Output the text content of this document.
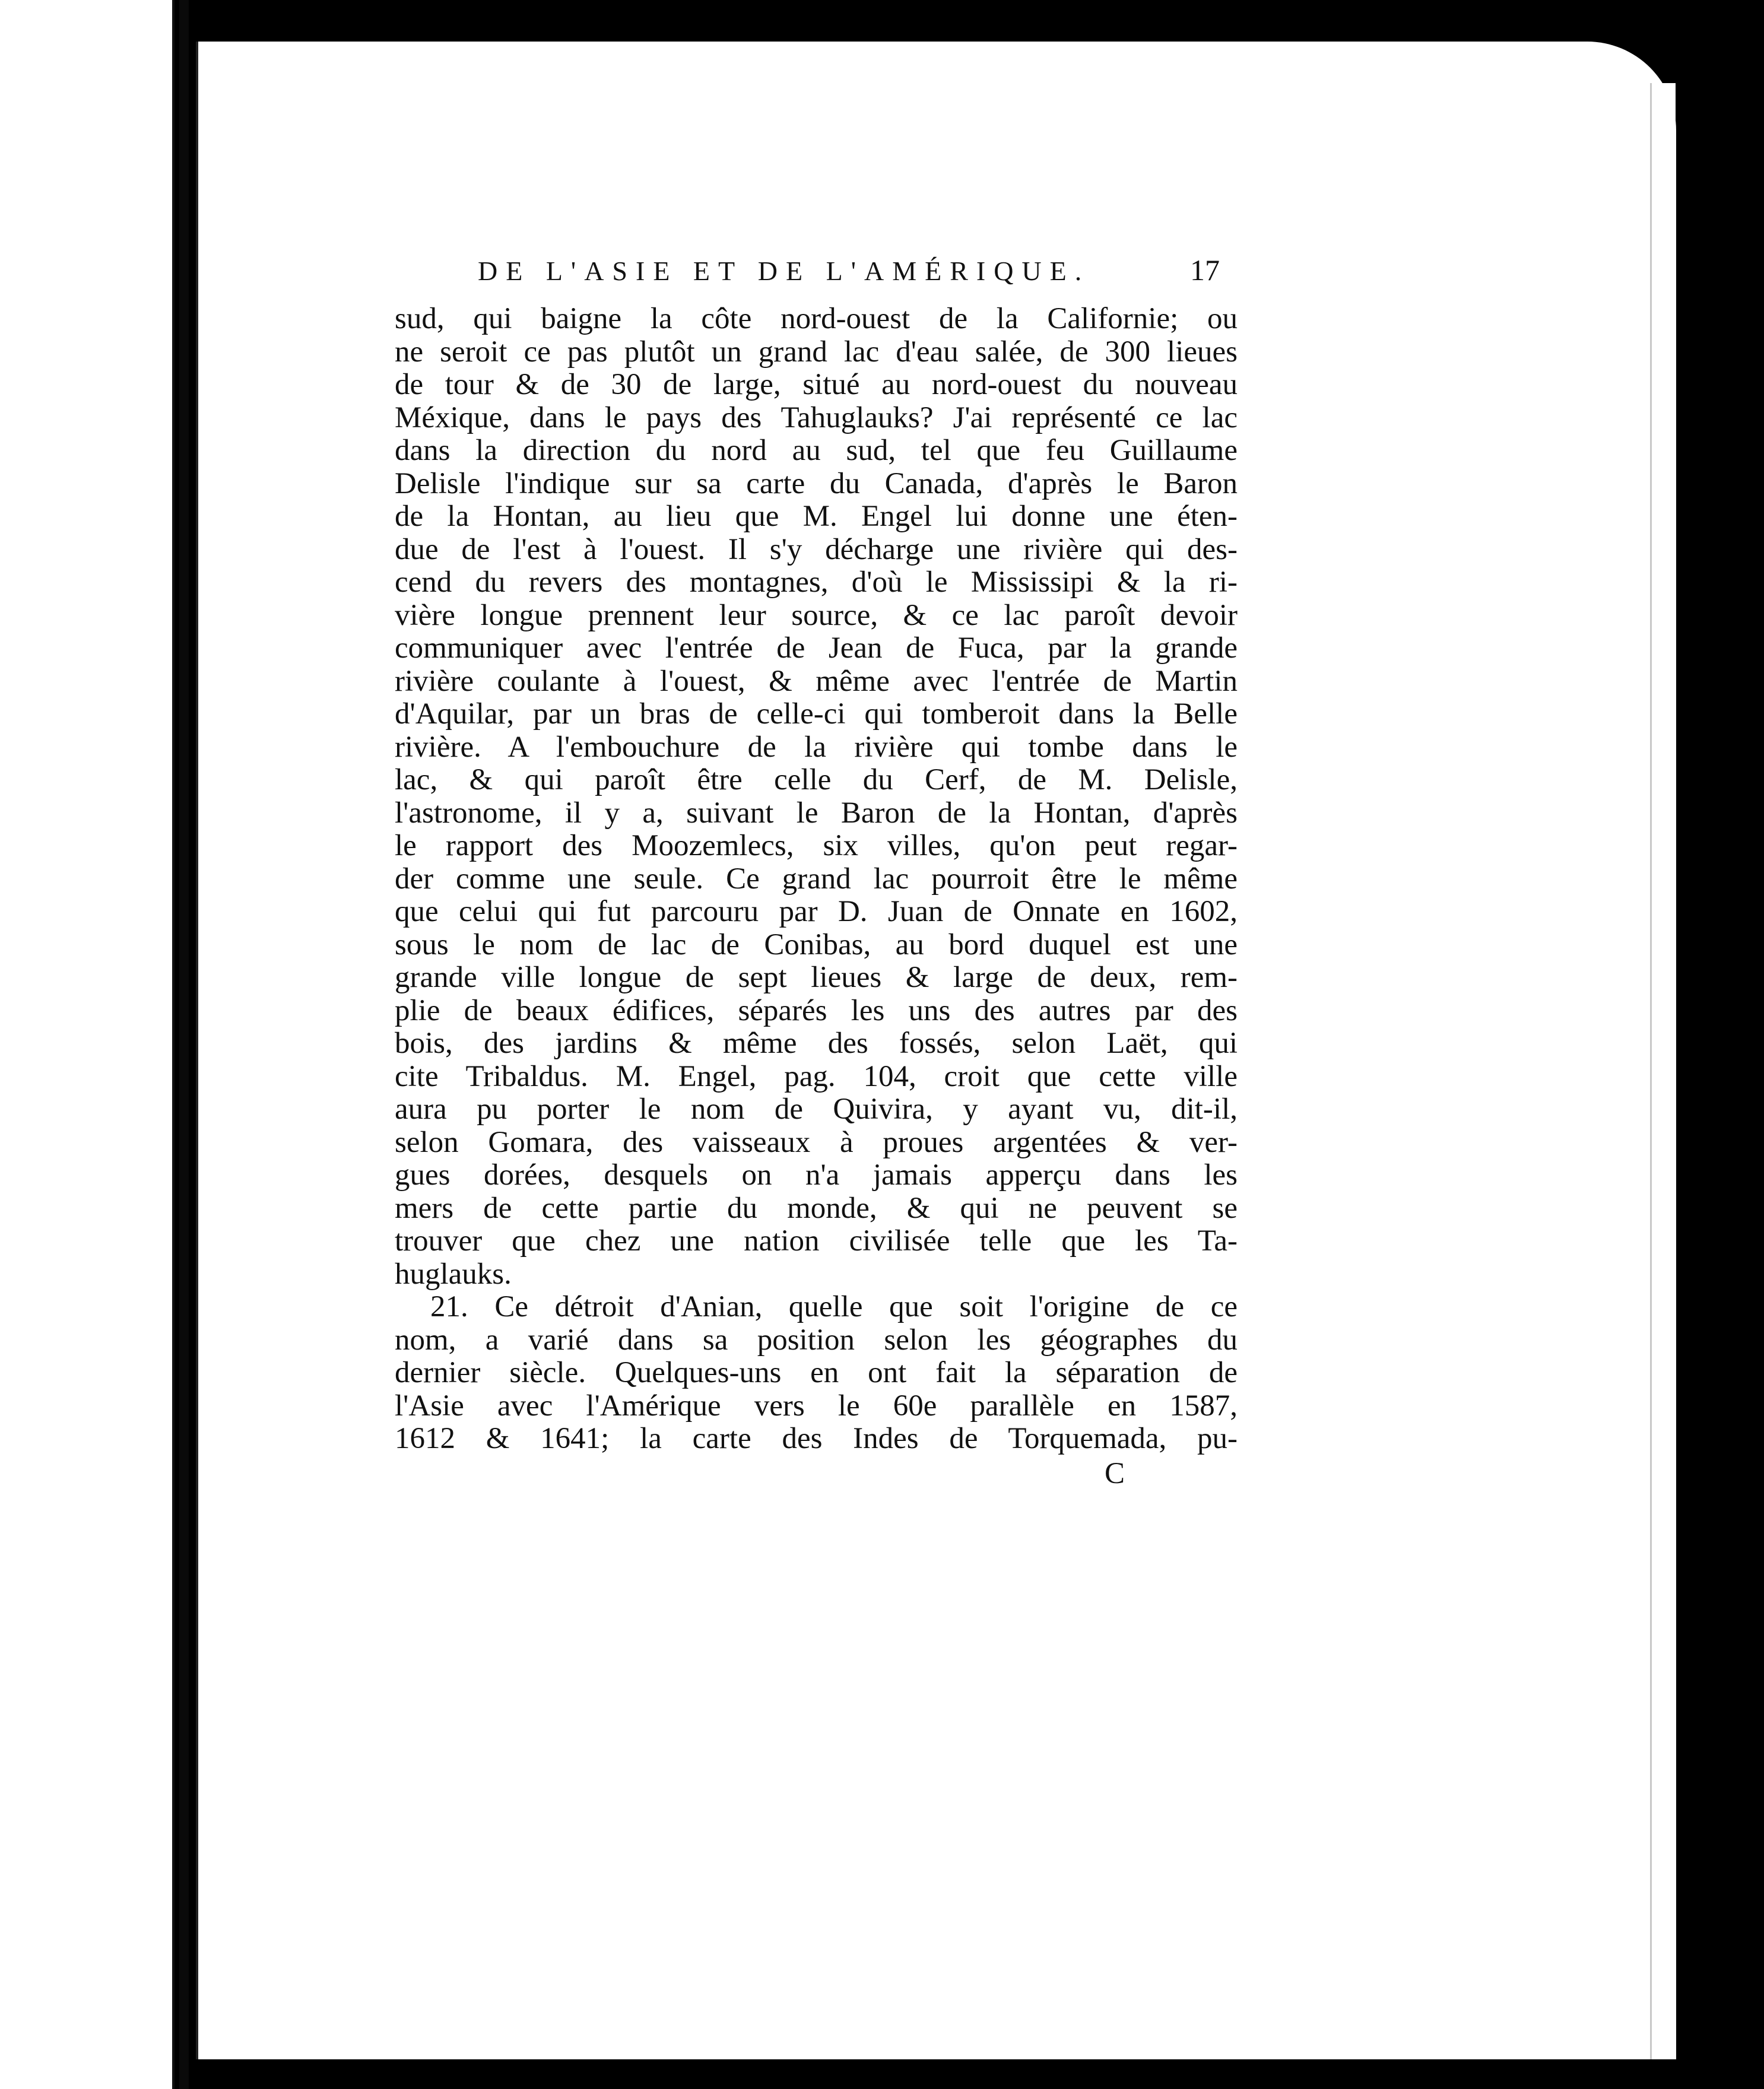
DE L'ASIE ET DE L'AMÉRIQUE.	17
sud, qui baigne la côte nord-ouest de la Californie; ou
ne seroit ce pas plutôt un grand lac d'eau salée, de 300 lieues
de tour & de 30 de large, situé au nord-ouest du nouveau
Méxique, dans le pays des Tahuglauks? J'ai représenté ce lac
dans la direction du nord au sud, tel que feu Guillaume
Delisle l'indique sur sa carte du Canada, d'après le Baron
de la Hontan, au lieu que M. Engel lui donne une éten-
due de l'est à l'ouest. Il s'y décharge une rivière qui des-
cend du revers des montagnes, d'où le Mississipi & la ri-
vière longue prennent leur source, & ce lac paroît devoir
communiquer avec l'entrée de Jean de Fuca, par la grande
rivière coulante à l'ouest, & même avec l'entrée de Martin
d'Aquilar, par un bras de celle-ci qui tomberoit dans la Belle
rivière. A l'embouchure de la rivière qui tombe dans le
lac, & qui paroît être celle du Cerf, de M. Delisle,
l'astronome, il y a, suivant le Baron de la Hontan, d'après
le rapport des Moozemlecs, six villes, qu'on peut regar-
der comme une seule. Ce grand lac pourroit être le même
que celui qui fut parcouru par D. Juan de Onnate en 1602,
sous le nom de lac de Conibas, au bord duquel est une
grande ville longue de sept lieues & large de deux, rem-
plie de beaux édifices, séparés les uns des autres par des
bois, des jardins & même des fossés, selon Laët, qui
cite Tribaldus. M. Engel, pag. 104, croit que cette ville
aura pu porter le nom de Quivira, y ayant vu, dit-il,
selon Gomara, des vaisseaux à proues argentées & ver-
gues dorées, desquels on n'a jamais apperçu dans les
mers de cette partie du monde, & qui ne peuvent se
trouver que chez une nation civilisée telle que les Ta-
huglauks.
21. Ce détroit d'Anian, quelle que soit l'origine de ce
nom, a varié dans sa position selon les géographes du
dernier siècle. Quelques-uns en ont fait la séparation de
l'Asie avec l'Amérique vers le 60e parallèle en 1587,
1612 & 1641; la carte des Indes de Torquemada, pu-
C
